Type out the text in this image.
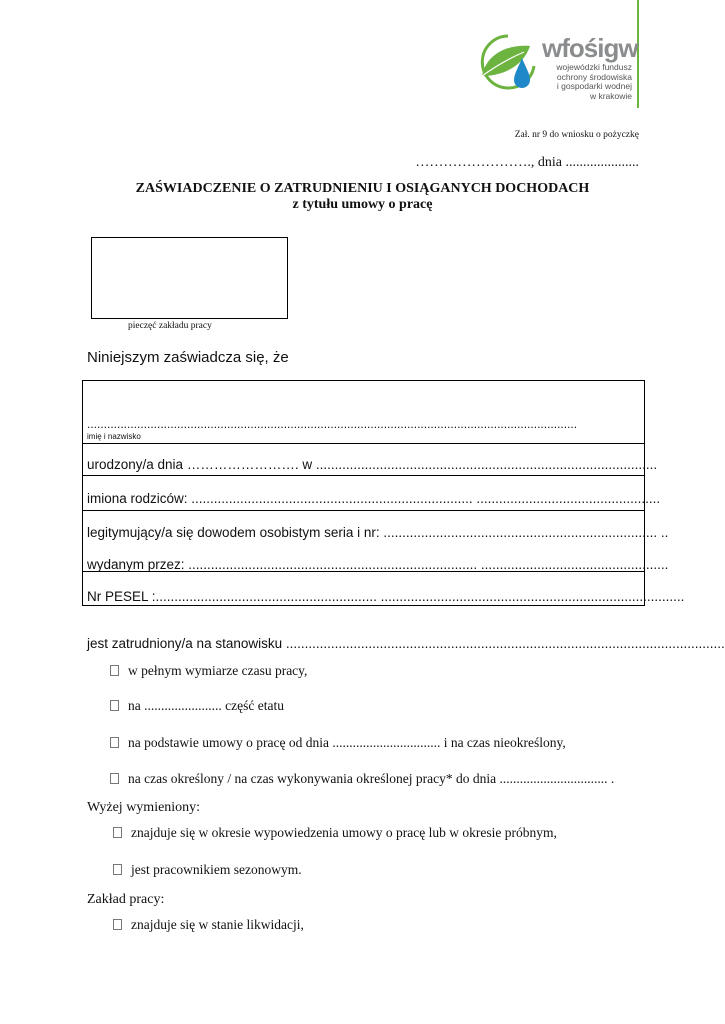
wfośigw
wojewódzki fundusz
ochrony środowiska
i gospodarki wodnej
w krakowie
Zał. nr 9 do wniosku o pożyczkę
……………………., dnia .....................
ZAŚWIADCZENIE O ZATRUDNIENIU I OSIĄGANYCH DOCHODACH
z tytułu umowy o pracę
pieczęć zakładu pracy
Niniejszym zaświadcza się, że
...................................................................................................................................................
imię i nazwisko
urodzony/a dnia ……………………. w ...........................................................................................
imiona rodziców: ........................................................................... .................................................
legitymujący/a się dowodem osobistym seria i nr: ......................................................................... ..
wydanym przez: ............................................................................. ..................................................
Nr PESEL :........................................................... .................................................................................
jest zatrudniony/a na stanowisku .....................................................................................................................
w pełnym wymiarze czasu pracy,
na ....................... część etatu
na podstawie umowy o pracę od dnia ................................ i na czas nieokreślony,
na czas określony / na czas wykonywania określonej pracy* do dnia ................................ .
Wyżej wymieniony:
znajduje się w okresie wypowiedzenia umowy o pracę lub w okresie próbnym,
jest pracownikiem sezonowym.
Zakład pracy:
znajduje się w stanie likwidacji,
